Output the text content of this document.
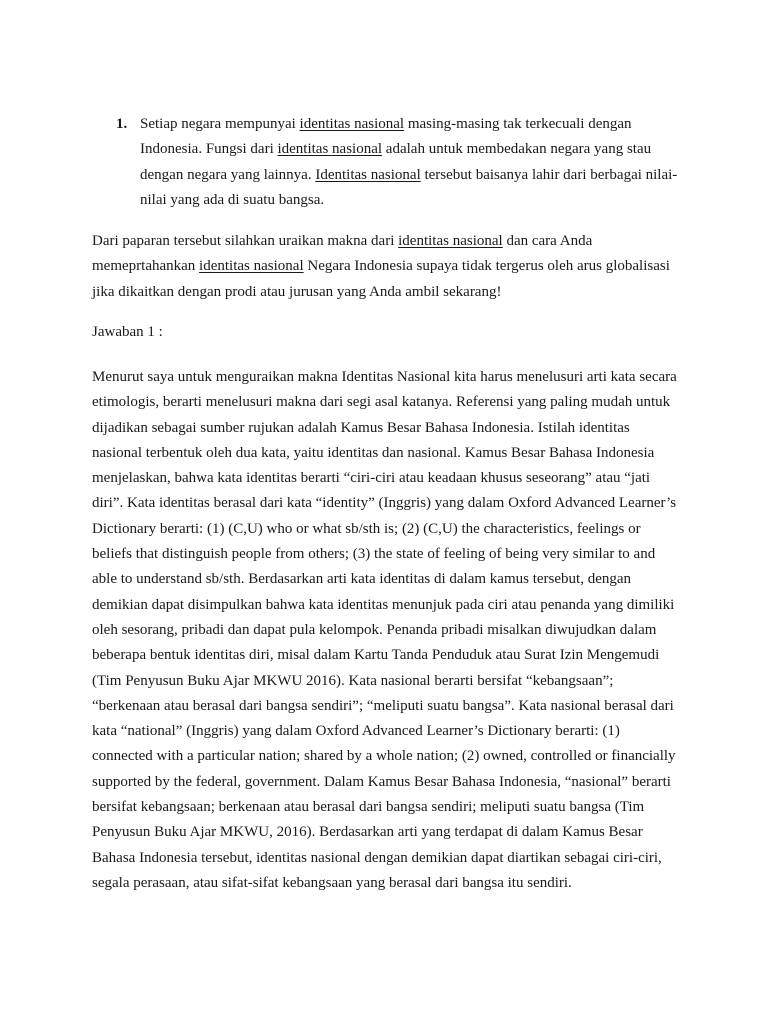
1. Setiap negara mempunyai identitas nasional masing-masing tak terkecuali dengan Indonesia. Fungsi dari identitas nasional adalah untuk membedakan negara yang stau dengan negara yang lainnya. Identitas nasional tersebut baisanya lahir dari berbagai nilai-nilai yang ada di suatu bangsa.
Dari paparan tersebut silahkan uraikan makna dari identitas nasional dan cara Anda memeprtahankan identitas nasional Negara Indonesia supaya tidak tergerus oleh arus globalisasi jika dikaitkan dengan prodi atau jurusan yang Anda ambil sekarang!
Jawaban 1 :
Menurut saya untuk menguraikan makna Identitas Nasional kita harus menelusuri arti kata secara etimologis, berarti menelusuri makna dari segi asal katanya. Referensi yang paling mudah untuk dijadikan sebagai sumber rujukan adalah Kamus Besar Bahasa Indonesia. Istilah identitas nasional terbentuk oleh dua kata, yaitu identitas dan nasional. Kamus Besar Bahasa Indonesia menjelaskan, bahwa kata identitas berarti “ciri-ciri atau keadaan khusus seseorang” atau “jati diri”. Kata identitas berasal dari kata “identity” (Inggris) yang dalam Oxford Advanced Learner’s Dictionary berarti: (1) (C,U) who or what sb/sth is; (2) (C,U) the characteristics, feelings or beliefs that distinguish people from others; (3) the state of feeling of being very similar to and able to understand sb/sth. Berdasarkan arti kata identitas di dalam kamus tersebut, dengan demikian dapat disimpulkan bahwa kata identitas menunjuk pada ciri atau penanda yang dimiliki oleh sesorang, pribadi dan dapat pula kelompok. Penanda pribadi misalkan diwujudkan dalam beberapa bentuk identitas diri, misal dalam Kartu Tanda Penduduk atau Surat Izin Mengemudi (Tim Penyusun Buku Ajar MKWU 2016). Kata nasional berarti bersifat “kebangsaan”; “berkenaan atau berasal dari bangsa sendiri”; “meliputi suatu bangsa”. Kata nasional berasal dari kata “national” (Inggris) yang dalam Oxford Advanced Learner’s Dictionary berarti: (1) connected with a particular nation; shared by a whole nation; (2) owned, controlled or financially supported by the federal, government. Dalam Kamus Besar Bahasa Indonesia, “nasional” berarti bersifat kebangsaan; berkenaan atau berasal dari bangsa sendiri; meliputi suatu bangsa (Tim Penyusun Buku Ajar MKWU, 2016). Berdasarkan arti yang terdapat di dalam Kamus Besar Bahasa Indonesia tersebut, identitas nasional dengan demikian dapat diartikan sebagai ciri-ciri, segala perasaan, atau sifat-sifat kebangsaan yang berasal dari bangsa itu sendiri.
